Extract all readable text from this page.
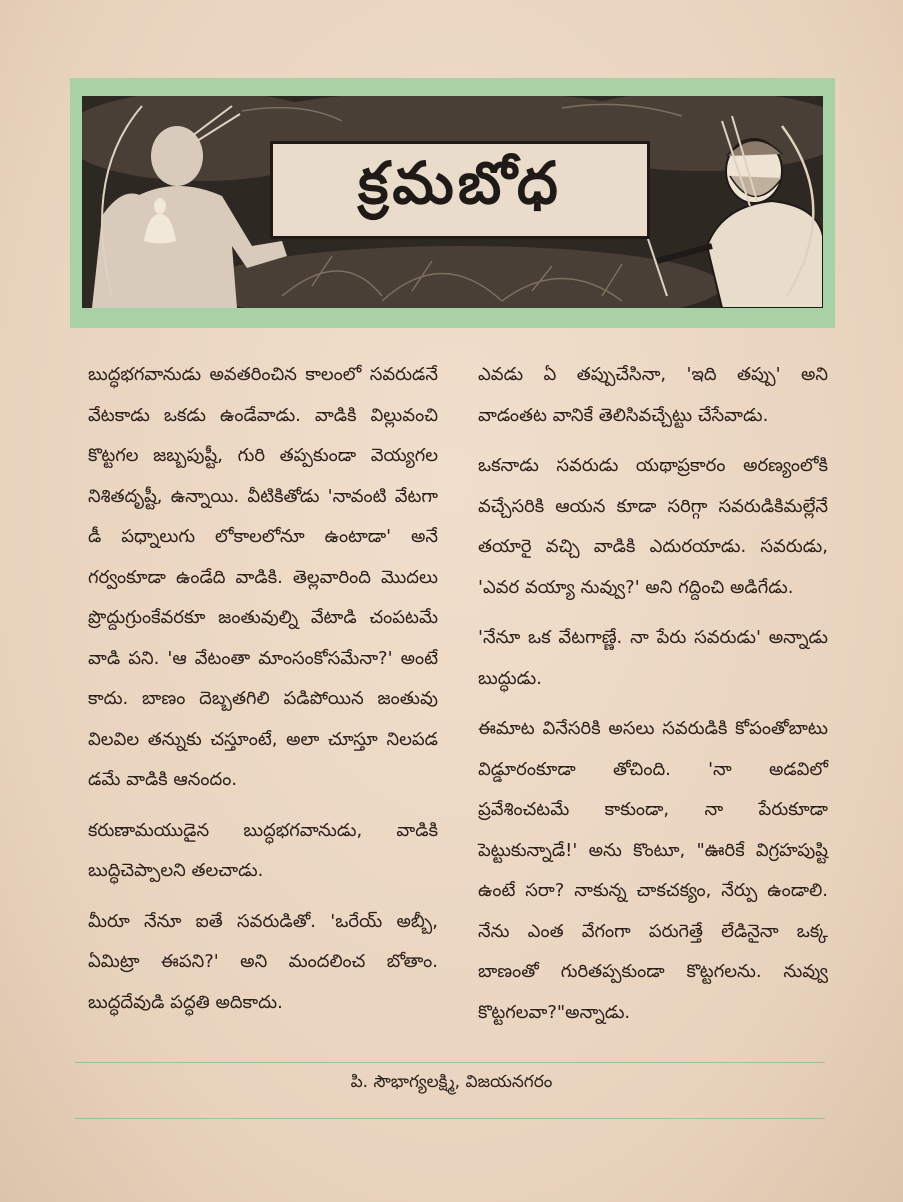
క్రమబోధ

బుద్ధభగవానుడు అవతరించిన కాలంలో సవరుడనే వేటకాడు ఒకడు ఉండేవాడు. వాడికి విల్లువంచి కొట్టగల జబ్బపుష్టీ, గురి తప్పకుండా వెయ్యగల నిశితదృష్టీ, ఉన్నాయి. వీటికితోడు 'నావంటి వేటగా డీ పధ్నాలుగు లోకాలలోనూ ఉంటాడా' అనే గర్వంకూడా ఉండేది వాడికి. తెల్లవారింది మొదలు ప్రొద్దుగ్రుంకేవరకూ జంతువుల్ని వేటాడి చంపటమే వాడి పని. 'ఆ వేటంతా మాంసంకోసమేనా?' అంటే కాదు. బాణం దెబ్బతగిలి పడిపోయిన జంతువు విలవిల తన్నుకు చస్తూంటే, అలా చూస్తూ నిలపడ డమే వాడికి ఆనందం.

కరుణామయుడైన బుద్ధభగవానుడు, వాడికి బుద్ధిచెప్పాలని తలచాడు.

మీరూ నేనూ ఐతే సవరుడితో. 'ఒరేయ్ అబ్బీ, ఏమిట్రా ఈపని?' అని మందలించ బోతాం. బుద్ధదేవుడి పద్ధతి అదికాదు.

ఎవడు ఏ తప్పుచేసినా, 'ఇది తప్పు' అని వాడంతట వానికే తెలిసివచ్చేట్టు చేసేవాడు.

ఒకనాడు సవరుడు యథాప్రకారం అరణ్యంలోకి వచ్చేసరికి ఆయన కూడా సరిగ్గా సవరుడికిమల్లేనే తయారై వచ్చి వాడికి ఎదురయాడు. సవరుడు, 'ఎవర వయ్యా నువ్వు?' అని గద్దించి అడిగేడు.

'నేనూ ఒక వేటగాణ్ణే. నా పేరు సవరుడు' అన్నాడు బుద్ధుడు.

ఈమాట వినేసరికి అసలు సవరుడికి కోపంతోబాటు విడ్డూరంకూడా తోచింది. 'నా అడవిలో ప్రవేశించటమే కాకుండా, నా పేరుకూడా పెట్టుకున్నాడే!' అను కొంటూ, "ఊరికే విగ్రహపుష్టి ఉంటే సరా? నాకున్న చాకచక్యం, నేర్పు ఉండాలి. నేను ఎంత వేగంగా పరుగెత్తే లేడినైనా ఒక్క బాణంతో గురితప్పకుండా కొట్టగలను. నువ్వు కొట్టగలవా?"అన్నాడు.

పి. సౌభాగ్యలక్ష్మి, విజయనగరం
